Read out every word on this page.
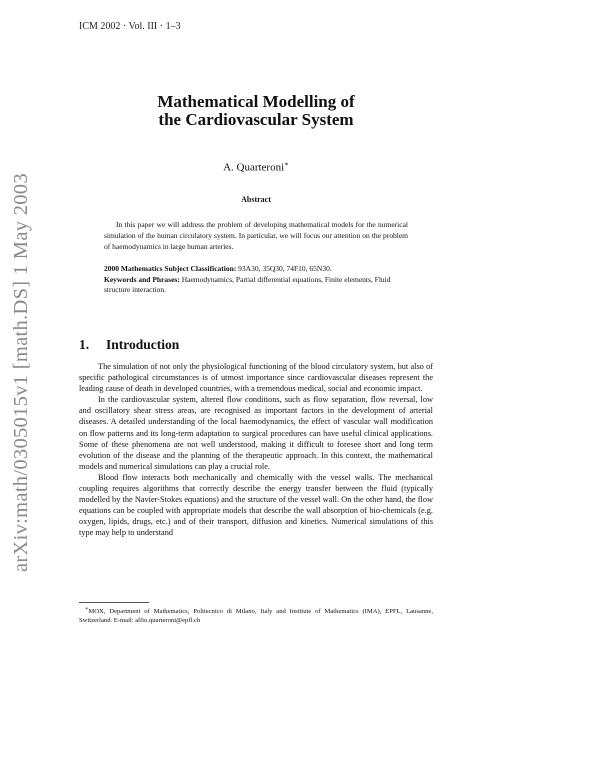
ICM 2002 · Vol. III · 1–3
arXiv:math/0305015v1 [math.DS] 1 May 2003
Mathematical Modelling of
the Cardiovascular System
A. Quarteroni∗
Abstract

In this paper we will address the problem of developing mathematical models for the numerical simulation of the human circulatory system. In particular, we will focus our attention on the problem of haemodynamics in large human arteries.

2000 Mathematics Subject Classification: 93A30, 35Q30, 74F10, 65N30.

Keywords and Phrases: Haemodynamics, Partial differential equations, Finite elements, Fluid structure interaction.

1. Introduction

The simulation of not only the physiological functioning of the blood circulatory system, but also of specific pathological circumstances is of utmost importance since cardiovascular diseases represent the leading cause of death in developed countries, with a tremendous medical, social and economic impact.

In the cardiovascular system, altered flow conditions, such as flow separation, flow reversal, low and oscillatory shear stress areas, are recognised as important factors in the development of arterial diseases. A detailed understanding of the local haemodynamics, the effect of vascular wall modification on flow patterns and its long-term adaptation to surgical procedures can have useful clinical applications. Some of these phenomena are not well understood, making it difficult to foresee short and long term evolution of the disease and the planning of the therapeutic approach. In this context, the mathematical models and numerical simulations can play a crucial role.

Blood flow interacts both mechanically and chemically with the vessel walls. The mechanical coupling requires algorithms that correctly describe the energy transfer between the fluid (typically modelled by the Navier-Stokes equations) and the structure of the vessel wall. On the other hand, the flow equations can be coupled with appropriate models that describe the wall absorption of bio-chemicals (e.g. oxygen, lipids, drugs, etc.) and of their transport, diffusion and kinetics. Numerical simulations of this type may help to understand

∗MOX, Department of Mathematics, Politecnico di Milano, Italy and Institute of Mathematics (IMA), EPFL, Lausanne, Switzerland. E-mail: alfio.quarteroni@epfl.ch
